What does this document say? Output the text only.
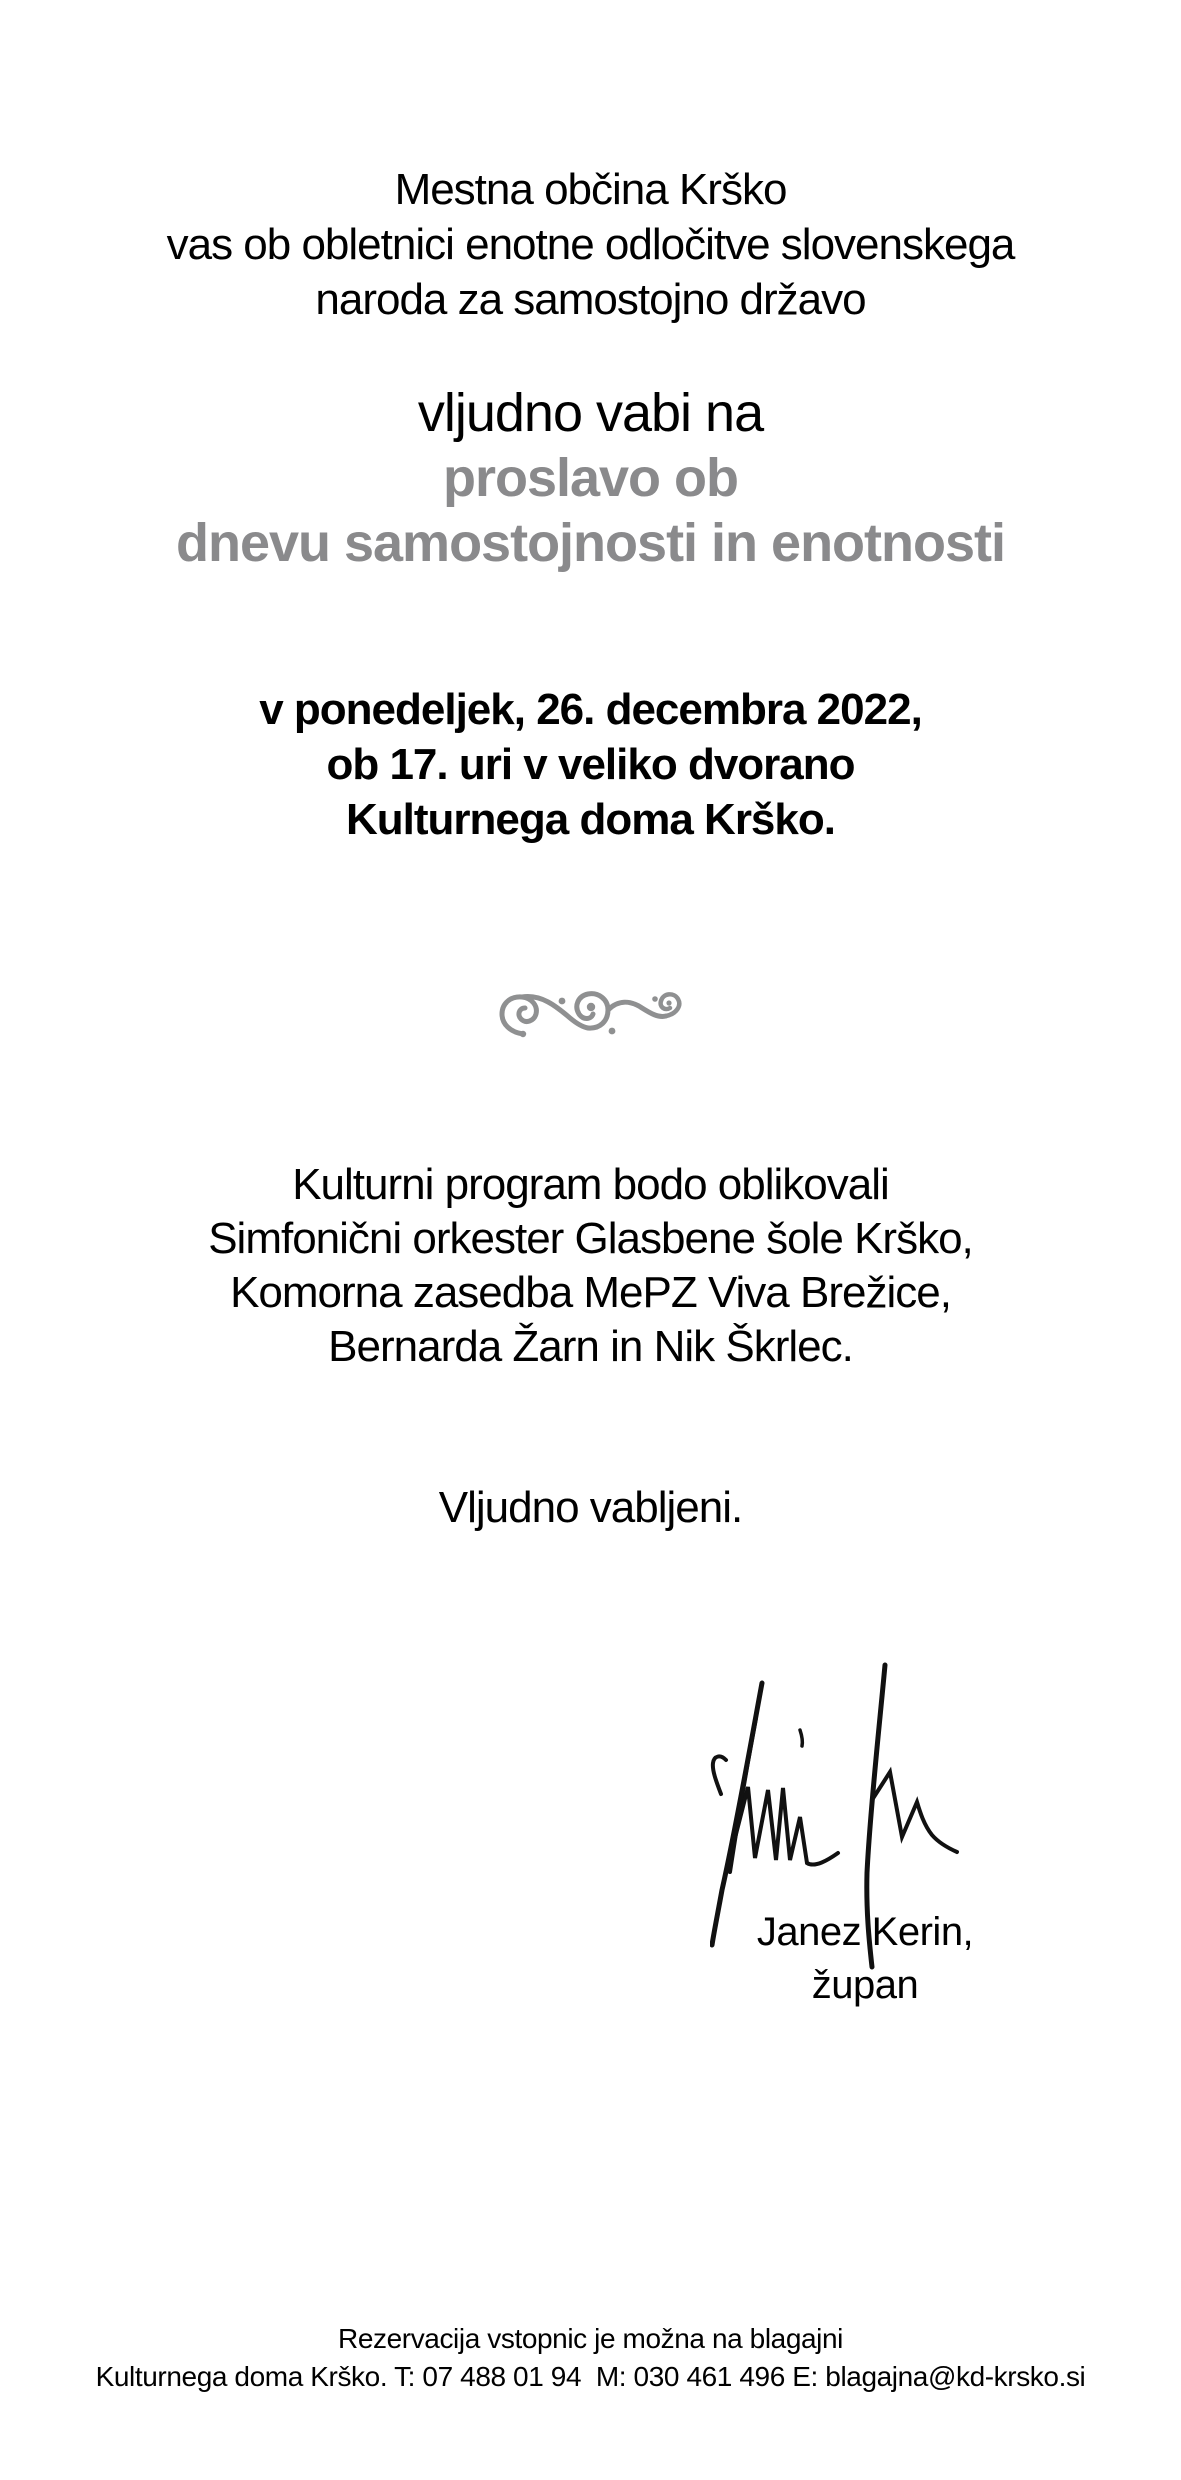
Mestna občina Krško
vas ob obletnici enotne odločitve slovenskega
naroda za samostojno državo
vljudno vabi na
proslavo ob
dnevu samostojnosti in enotnosti
v ponedeljek, 26. decembra 2022,
ob 17. uri v veliko dvorano
Kulturnega doma Krško.
Kulturni program bodo oblikovali
Simfonični orkester Glasbene šole Krško,
Komorna zasedba MePZ Viva Brežice,
Bernarda Žarn in Nik Škrlec.
Vljudno vabljeni.
Janez Kerin,
župan
Rezervacija vstopnic je možna na blagajni
Kulturnega doma Krško. T: 07 488 01 94  M: 030 461 496 E: blagajna@kd-krsko.si
